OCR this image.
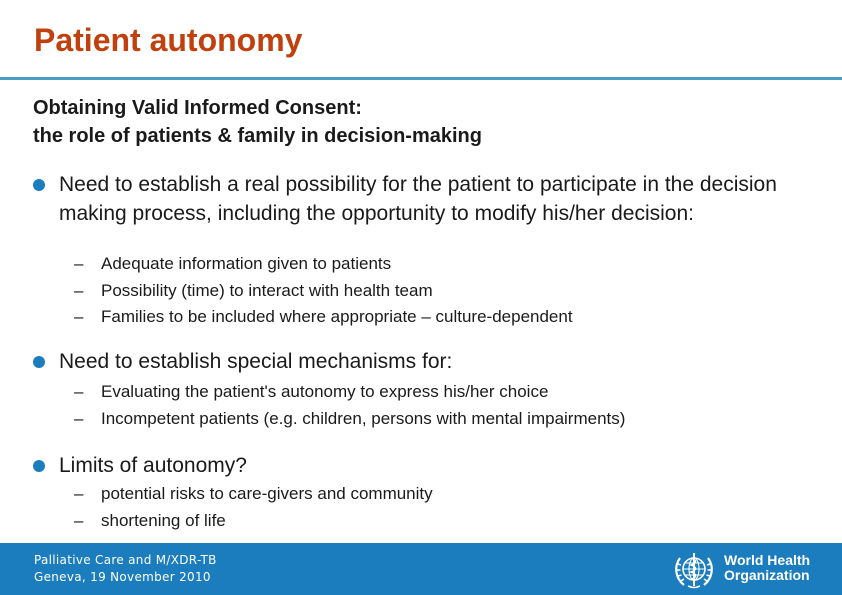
Patient autonomy
Obtaining Valid Informed Consent:
the role of patients & family in decision-making
Need to establish a real possibility for the patient to participate in the decision making process, including the opportunity to modify his/her decision:
– Adequate information given to patients
– Possibility (time) to interact with health team
– Families to be included where appropriate – culture-dependent
Need to establish special mechanisms for:
– Evaluating the patient's autonomy to express his/her choice
– Incompetent patients (e.g. children, persons with mental impairments)
Limits of autonomy?
– potential risks to care-givers and community
– shortening of life
Palliative Care and M/XDR-TB
Geneva, 19 November 2010
World Health
Organization
